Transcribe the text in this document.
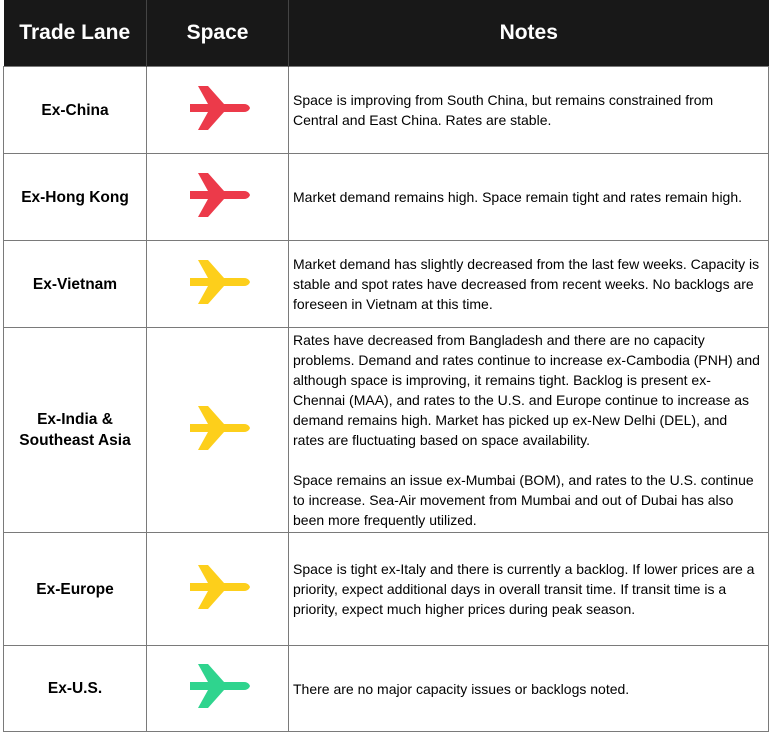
Trade Lane	Space	Notes
Ex-China		Space is improving from South China, but remains constrained from Central and East China. Rates are stable.

Ex-Hong Kong		Market demand remains high. Space remain tight and rates remain high.

Ex-Vietnam		Market demand has slightly decreased from the last few weeks. Capacity is stable and spot rates have decreased from recent weeks. No backlogs are foreseen in Vietnam at this time.

Ex-India &
Southeast Asia		Rates have decreased from Bangladesh and there are no capacity problems. Demand and rates continue to increase ex-Cambodia (PNH) and although space is improving, it remains tight. Backlog is present ex-Chennai (MAA), and rates to the U.S. and Europe continue to increase as demand remains high. Market has picked up ex-New Delhi (DEL), and rates are fluctuating based on space availability.
Space remains an issue ex-Mumbai (BOM), and rates to the U.S. continue to increase. Sea-Air movement from Mumbai and out of Dubai has also been more frequently utilized.

Ex-Europe		Space is tight ex-Italy and there is currently a backlog. If lower prices are a priority, expect additional days in overall transit time. If transit time is a priority, expect much higher prices during peak season.

Ex-U.S.		There are no major capacity issues or backlogs noted.
